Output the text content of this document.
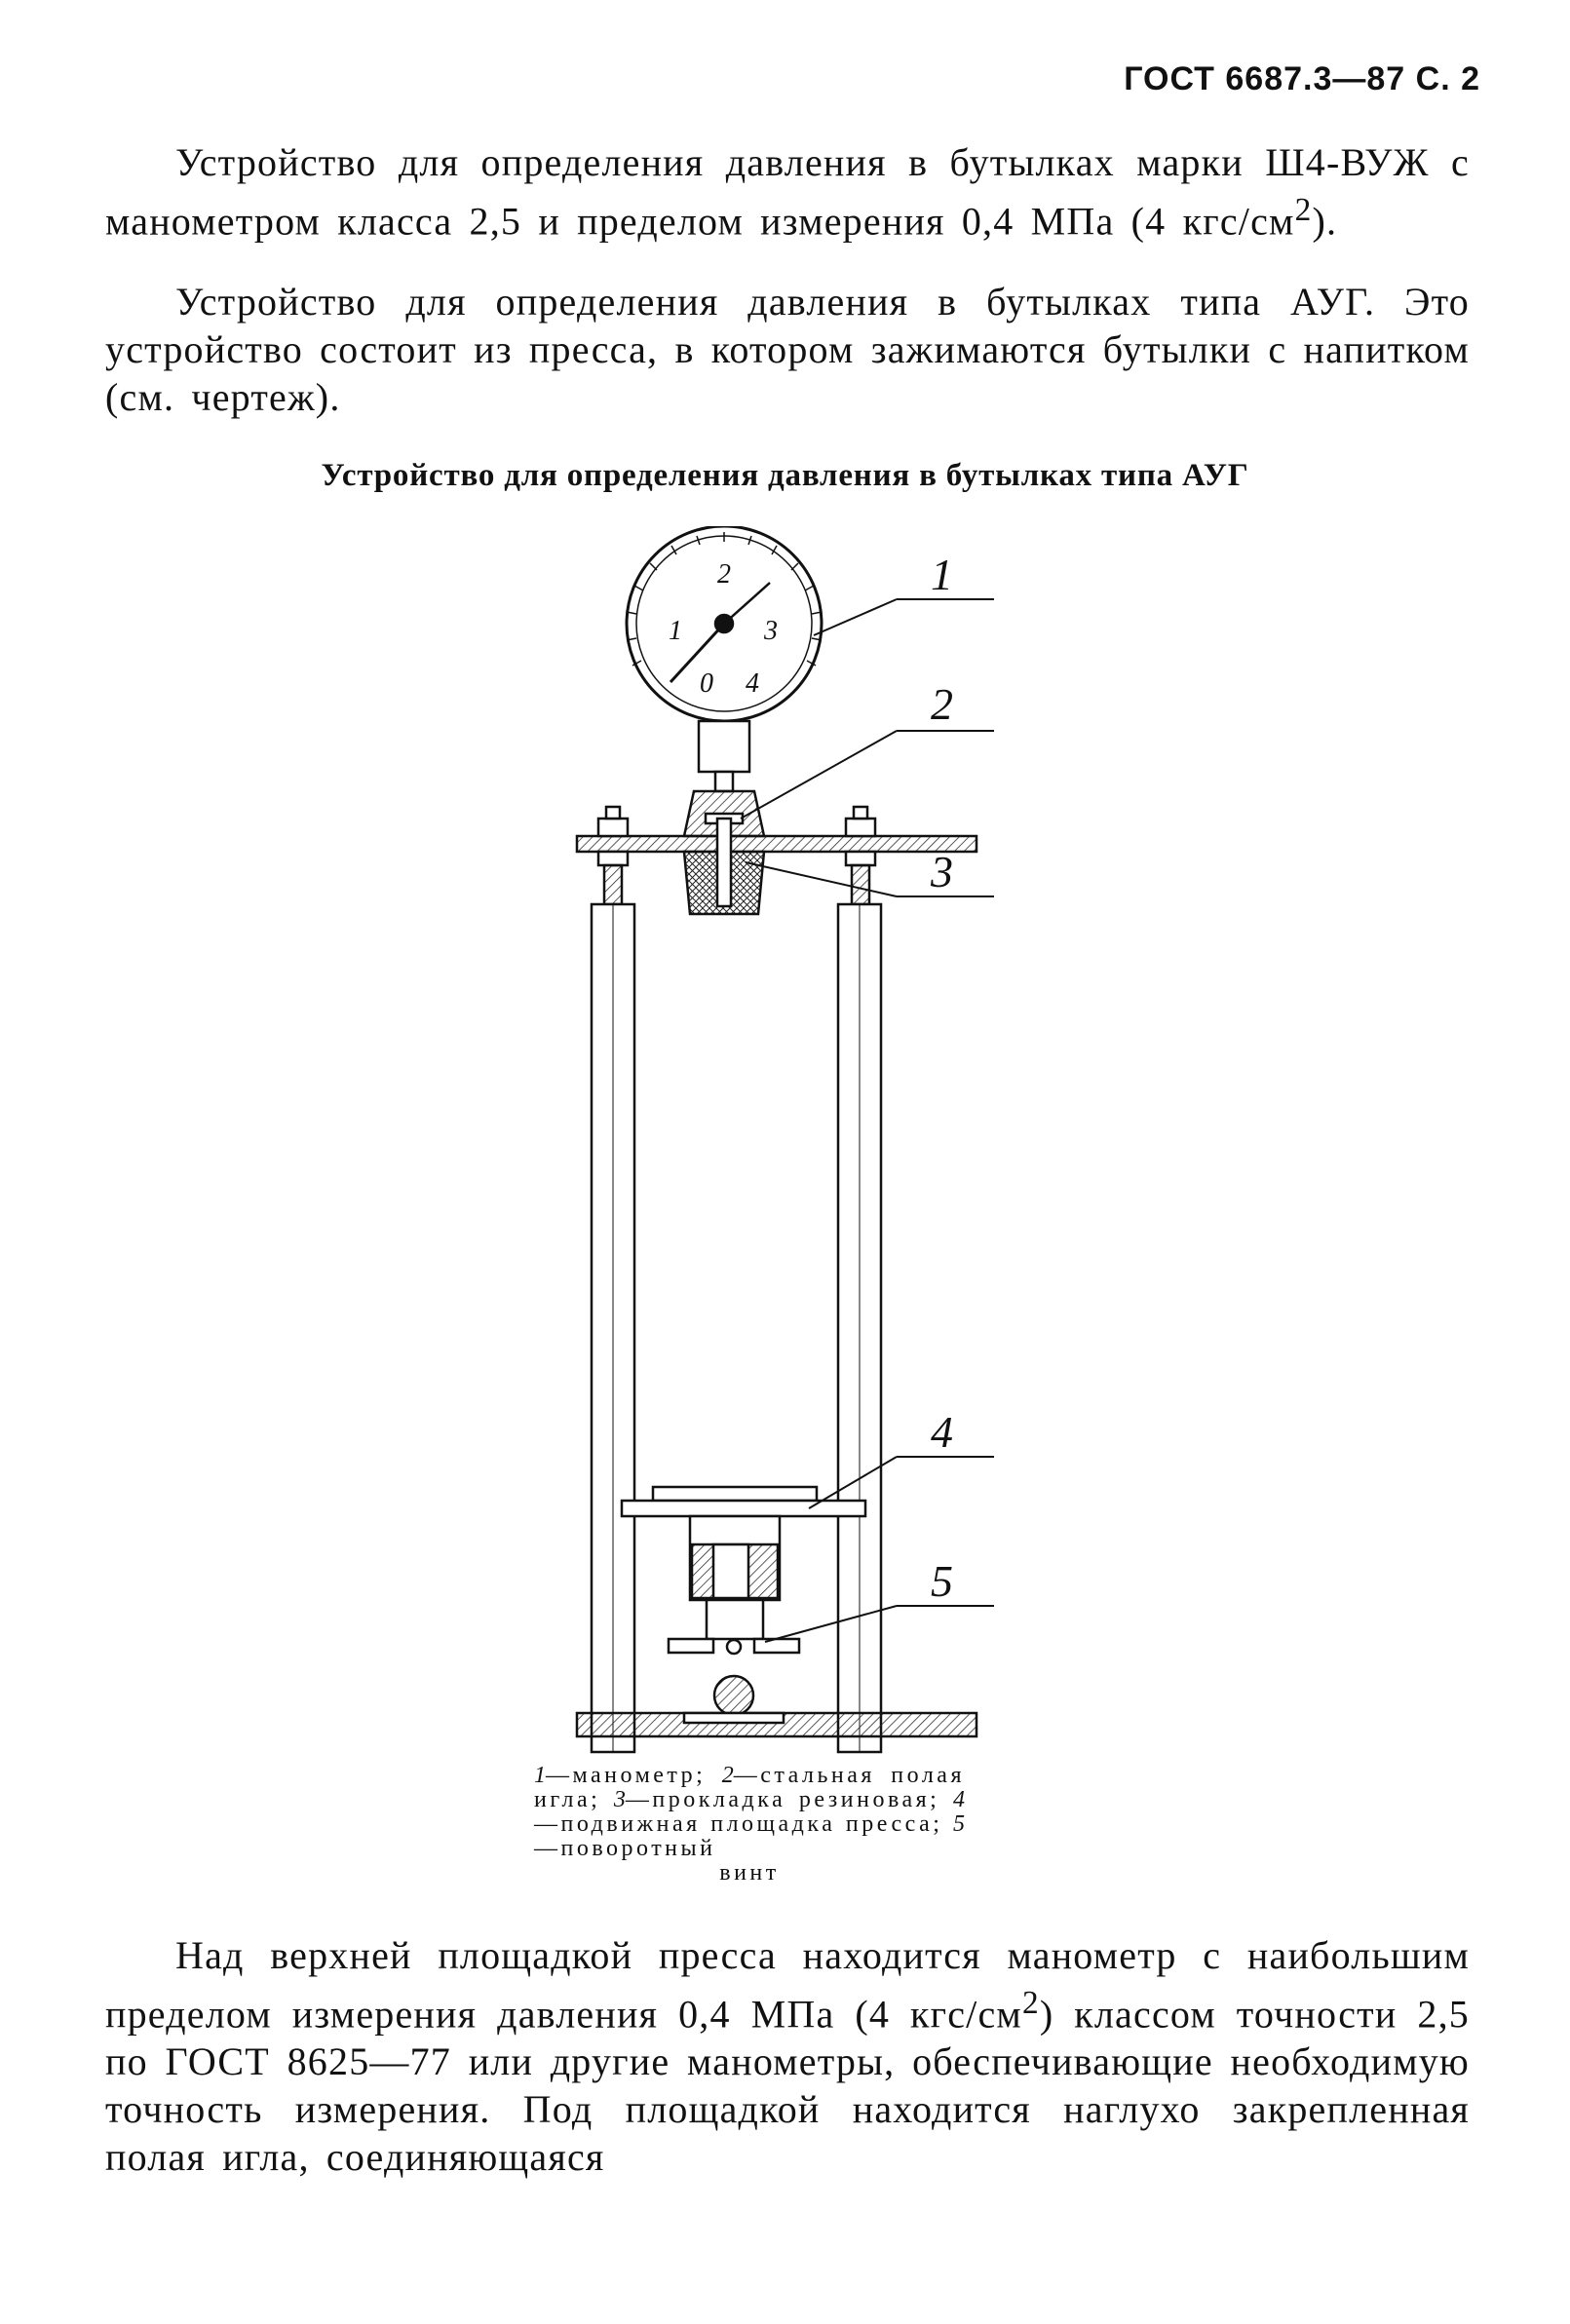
ГОСТ 6687.3—87 С. 2
Устройство для определения давления в бутылках марки Ш4-ВУЖ с манометром класса 2,5 и пределом измерения 0,4 МПа (4 кгс/$см^2$).
Устройство для определения давления в бутылках типа АУГ. Это устройство состоит из пресса, в котором зажимаются бутылки с напитком (см. чертеж).
Устройство для определения давления в бутылках типа АУГ
0
1
2
3
4
1
2
3
4
5
1—манометр; 2—стальная полая игла; 3—прокладка резиновая; 4—подвижная площадка пресса; 5—поворотный
винт
Над верхней площадкой пресса находится манометр с наибольшим пределом измерения давления 0,4 МПа (4 кгс/$см^2$) классом точности 2,5 по ГОСТ 8625—77 или другие манометры, обеспечивающие необходимую точность измерения. Под площадкой находится наглухо закрепленная полая игла, соединяющаяся
